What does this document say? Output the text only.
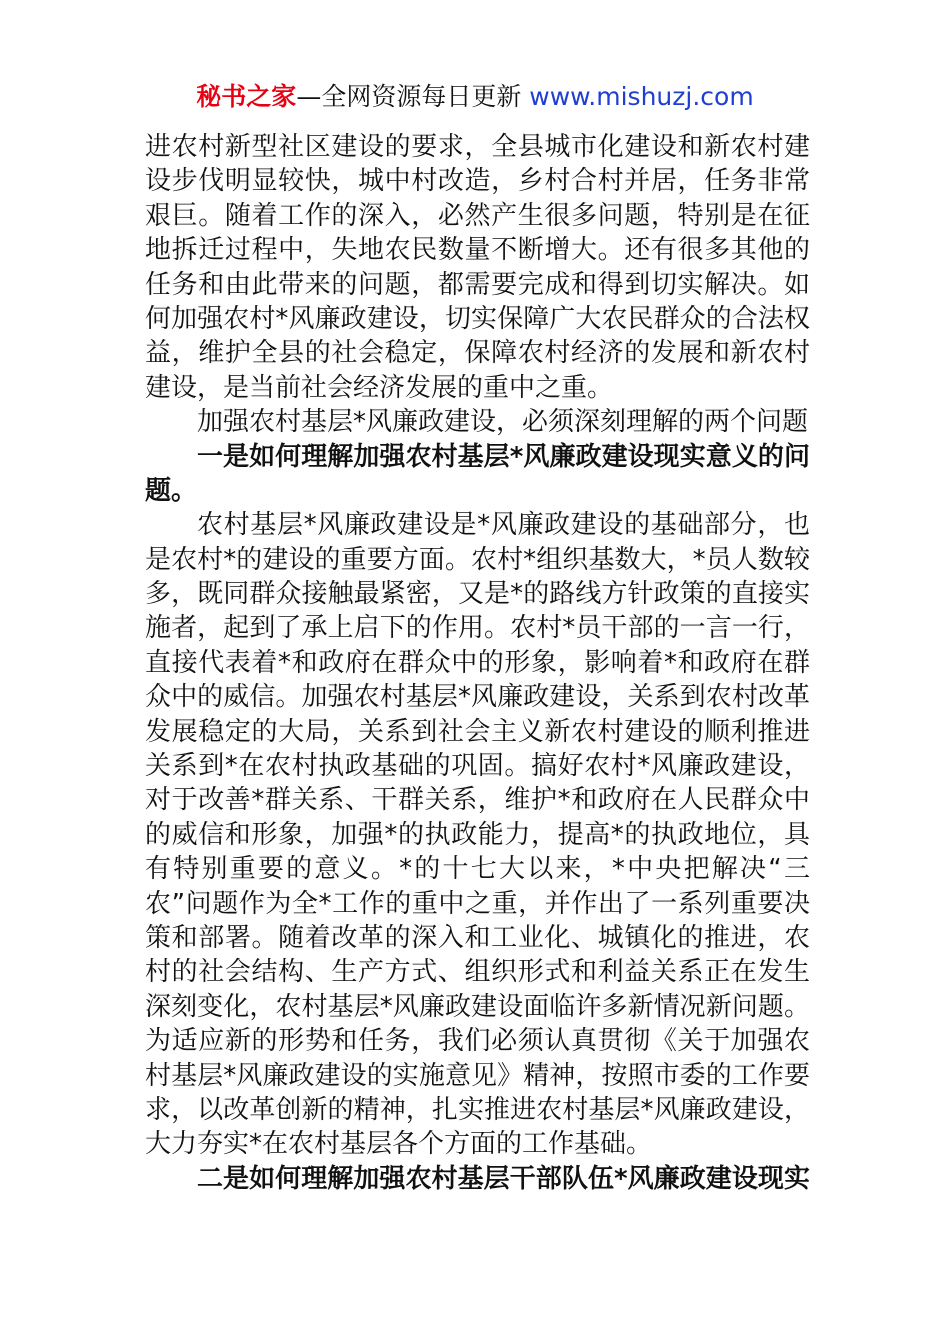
秘书之家—全网资源每日更新 www.mishuzj.com
进农村新型社区建设的要求，全县城市化建设和新农村建
设步伐明显较快，城中村改造，乡村合村并居，任务非常
艰巨。随着工作的深入，必然产生很多问题，特别是在征
地拆迁过程中，失地农民数量不断增大。还有很多其他的
任务和由此带来的问题，都需要完成和得到切实解决。如
何加强农村*风廉政建设，切实保障广大农民群众的合法权
益，维护全县的社会稳定，保障农村经济的发展和新农村
建设，是当前社会经济发展的重中之重。
加强农村基层*风廉政建设，必须深刻理解的两个问题
一是如何理解加强农村基层*风廉政建设现实意义的问
题。
农村基层*风廉政建设是*风廉政建设的基础部分，也
是农村*的建设的重要方面。农村*组织基数大，*员人数较
多，既同群众接触最紧密，又是*的路线方针政策的直接实
施者，起到了承上启下的作用。农村*员干部的一言一行，
直接代表着*和政府在群众中的形象，影响着*和政府在群
众中的威信。加强农村基层*风廉政建设，关系到农村改革
发展稳定的大局，关系到社会主义新农村建设的顺利推进
关系到*在农村执政基础的巩固。搞好农村*风廉政建设，
对于改善*群关系、干群关系，维护*和政府在人民群众中
的威信和形象，加强*的执政能力，提高*的执政地位，具
有特别重要的意义。*的十七大以来，*中央把解决“三
农”问题作为全*工作的重中之重，并作出了一系列重要决
策和部署。随着改革的深入和工业化、城镇化的推进，农
村的社会结构、生产方式、组织形式和利益关系正在发生
深刻变化，农村基层*风廉政建设面临许多新情况新问题。
为适应新的形势和任务，我们必须认真贯彻《关于加强农
村基层*风廉政建设的实施意见》精神，按照市委的工作要
求，以改革创新的精神，扎实推进农村基层*风廉政建设，
大力夯实*在农村基层各个方面的工作基础。
二是如何理解加强农村基层干部队伍*风廉政建设现实
